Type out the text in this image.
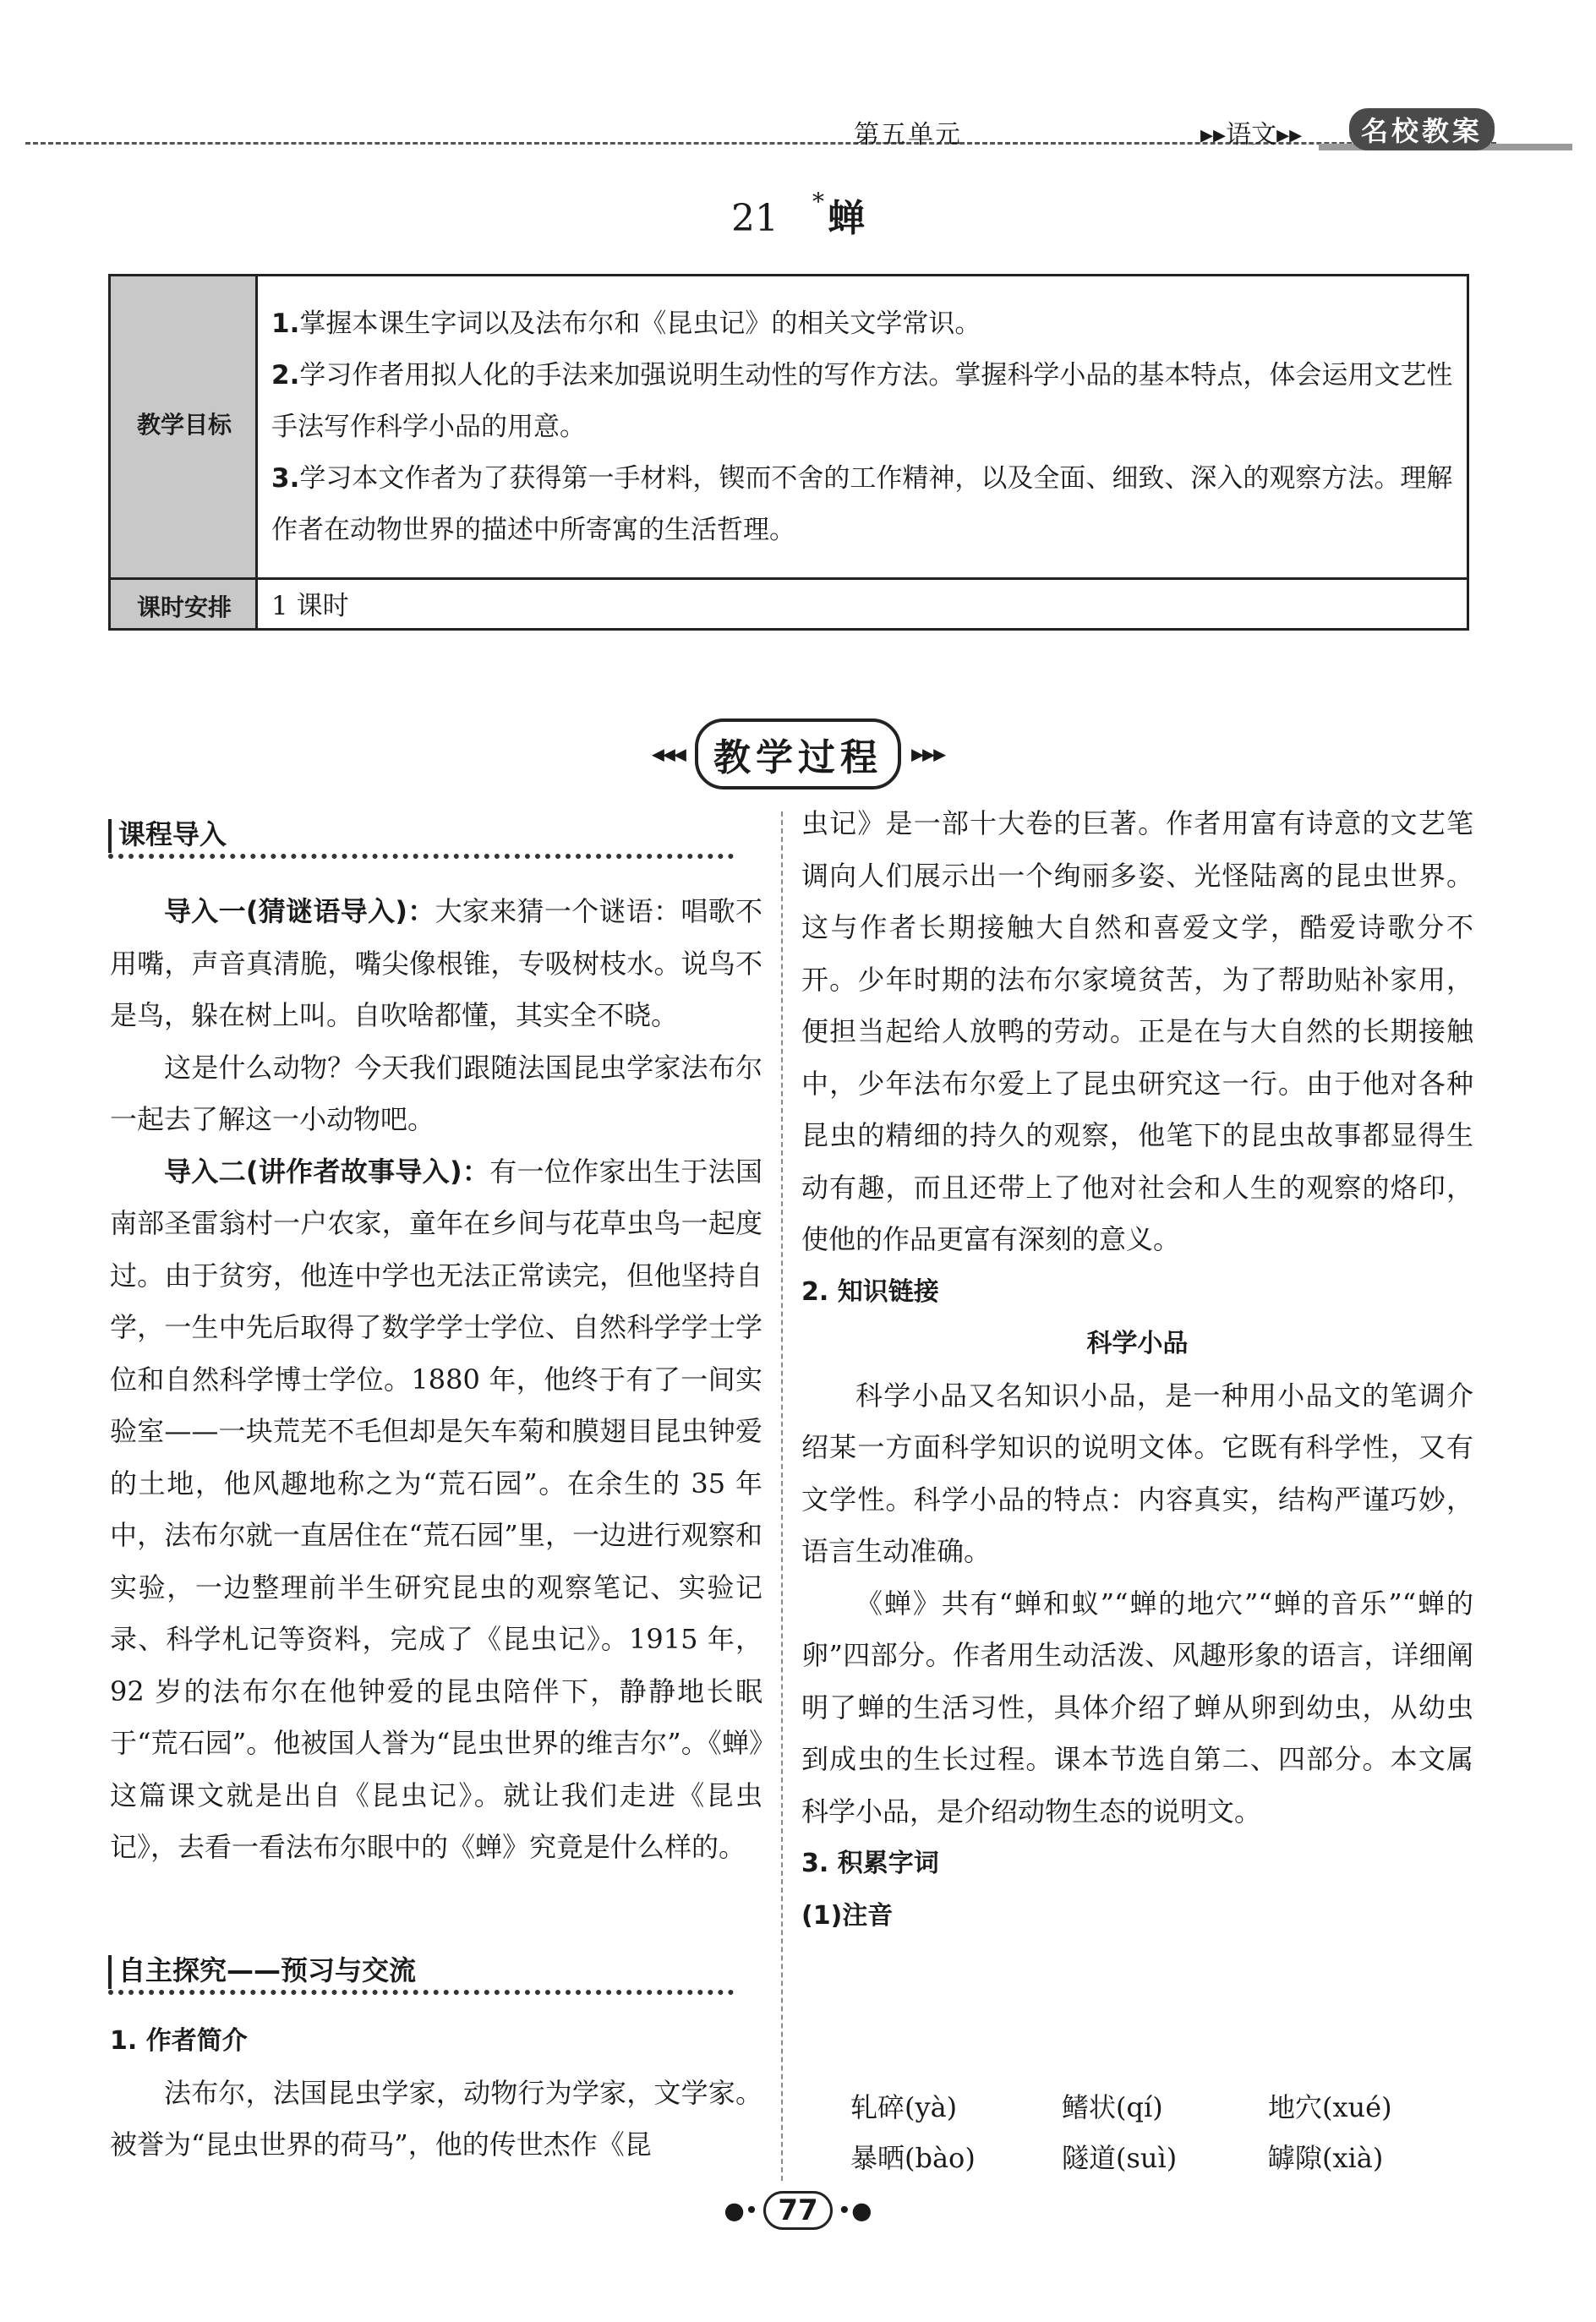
第五单元	▸▸语文▸▸	名校教案
21 *蝉
教学目标

1.掌握本课生字词以及法布尔和《昆虫记》的相关文学常识。

2.学习作者用拟人化的手法来加强说明生动性的写作方法。掌握科学小品的基本特点，体会运用文艺性手法写作科学小品的用意。

3.学习本文作者为了获得第一手材料，锲而不舍的工作精神，以及全面、细致、深入的观察方法。理解作者在动物世界的描述中所寄寓的生活哲理。

课时安排	1 课时
◂◂◂ 教学过程 ▸▸▸
课程导入

导入一(猜谜语导入)：大家来猜一个谜语：唱歌不用嘴，声音真清脆，嘴尖像根锥，专吸树枝水。说鸟不是鸟，躲在树上叫。自吹啥都懂，其实全不晓。

这是什么动物？今天我们跟随法国昆虫学家法布尔一起去了解这一小动物吧。

导入二(讲作者故事导入)：有一位作家出生于法国南部圣雷翁村一户农家，童年在乡间与花草虫鸟一起度过。由于贫穷，他连中学也无法正常读完，但他坚持自学，一生中先后取得了数学学士学位、自然科学学士学位和自然科学博士学位。1880 年，他终于有了一间实验室——一块荒芜不毛但却是矢车菊和膜翅目昆虫钟爱的土地，他风趣地称之为“荒石园”。在余生的 35 年中，法布尔就一直居住在“荒石园”里，一边进行观察和实验，一边整理前半生研究昆虫的观察笔记、实验记录、科学札记等资料，完成了《昆虫记》。1915 年，92 岁的法布尔在他钟爱的昆虫陪伴下，静静地长眠于“荒石园”。他被国人誉为“昆虫世界的维吉尔”。《蝉》这篇课文就是出自《昆虫记》。就让我们走进《昆虫记》，去看一看法布尔眼中的《蝉》究竟是什么样的。

自主探究——预习与交流
1. 作者简介

法布尔，法国昆虫学家，动物行为学家，文学家。被誉为“昆虫世界的荷马”，他的传世杰作《昆

虫记》是一部十大卷的巨著。作者用富有诗意的文艺笔调向人们展示出一个绚丽多姿、光怪陆离的昆虫世界。这与作者长期接触大自然和喜爱文学，酷爱诗歌分不开。少年时期的法布尔家境贫苦，为了帮助贴补家用，便担当起给人放鸭的劳动。正是在与大自然的长期接触中，少年法布尔爱上了昆虫研究这一行。由于他对各种昆虫的精细的持久的观察，他笔下的昆虫故事都显得生动有趣，而且还带上了他对社会和人生的观察的烙印，使他的作品更富有深刻的意义。

2. 知识链接
科学小品

科学小品又名知识小品，是一种用小品文的笔调介绍某一方面科学知识的说明文体。它既有科学性，又有文学性。科学小品的特点：内容真实，结构严谨巧妙，语言生动准确。

《蝉》共有“蝉和蚁”“蝉的地穴”“蝉的音乐”“蝉的卵”四部分。作者用生动活泼、风趣形象的语言，详细阐明了蝉的生活习性，具体介绍了蝉从卵到幼虫，从幼虫到成虫的生长过程。课本节选自第二、四部分。本文属科学小品，是介绍动物生态的说明文。

3. 积累字词
(1)注音
轧碎(yà)	鳍状(qí)	地穴(xué)
暴晒(bào)	隧道(suì)	罅隙(xià)
●• 77 •●
